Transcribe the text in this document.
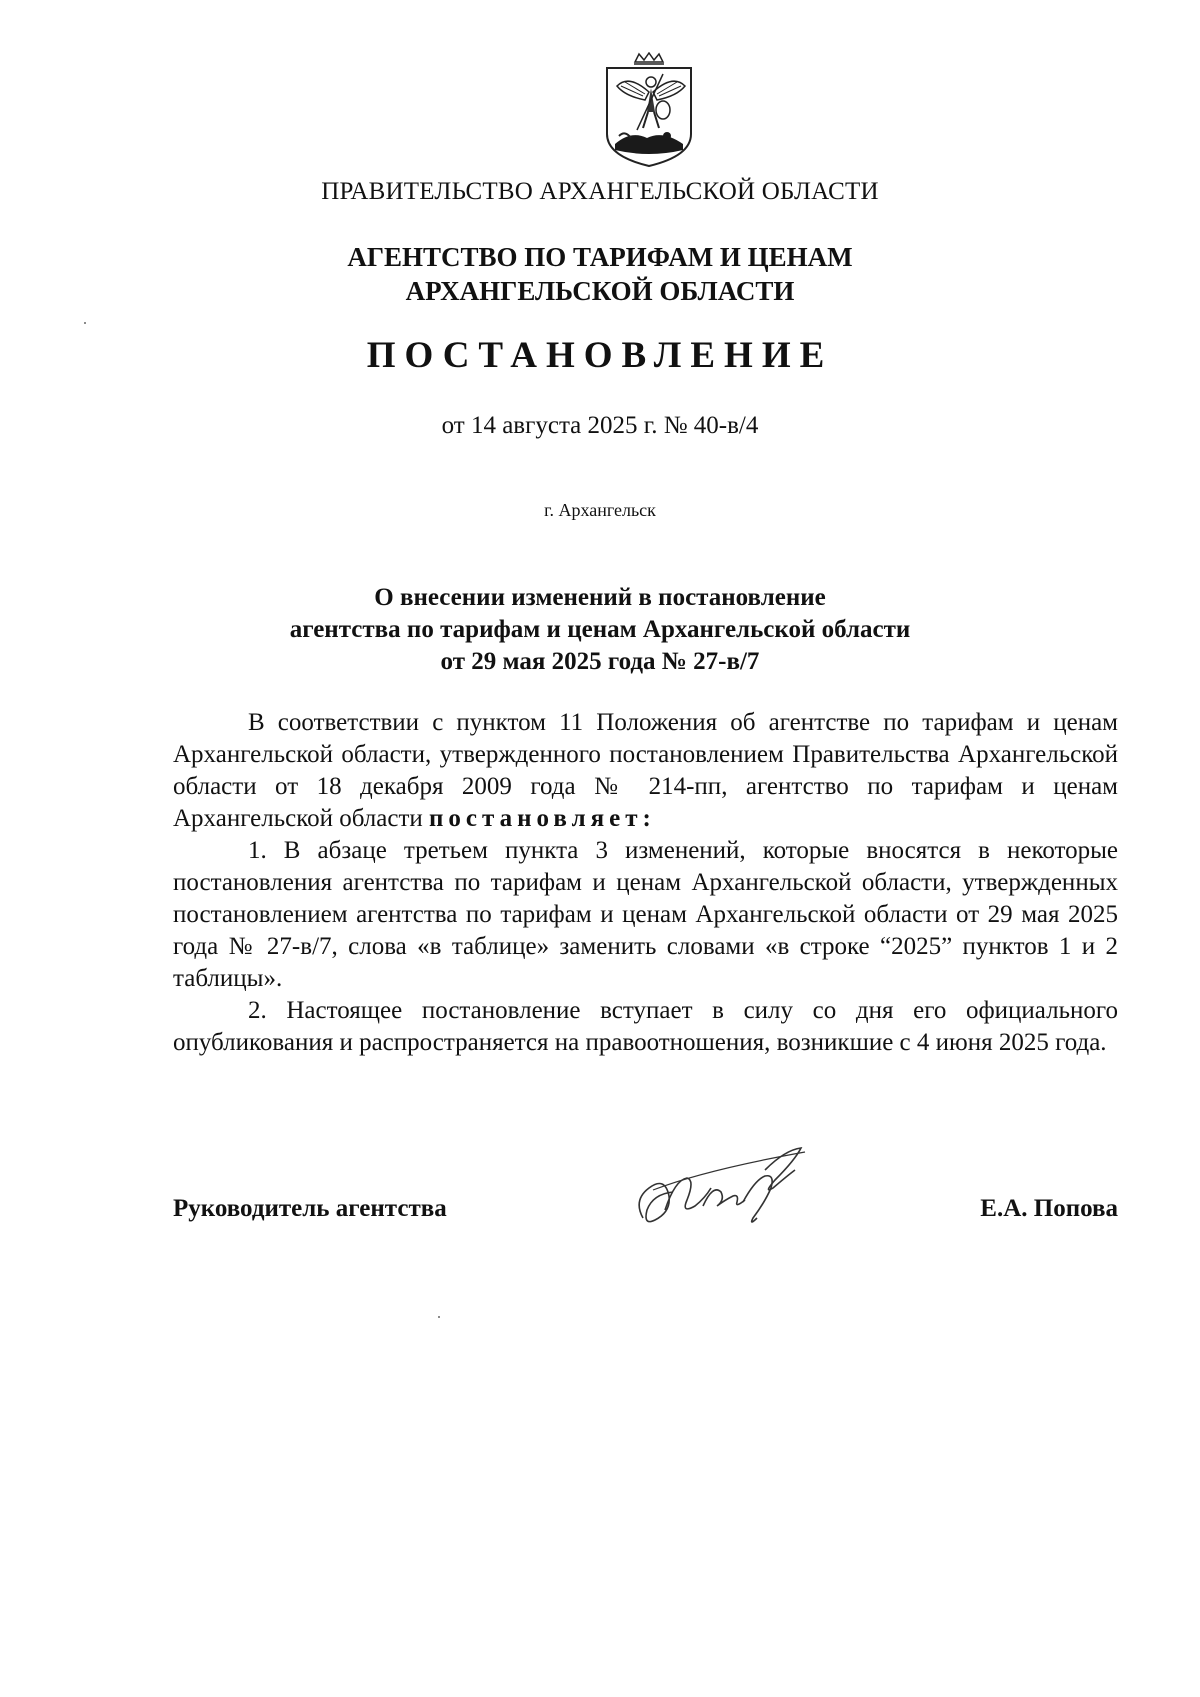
ПРАВИТЕЛЬСТВО АРХАНГЕЛЬСКОЙ ОБЛАСТИ
АГЕНТСТВО ПО ТАРИФАМ И ЦЕНАМ
АРХАНГЕЛЬСКОЙ ОБЛАСТИ
ПОСТАНОВЛЕНИЕ
от 14 августа 2025 г. № 40-в/4
г. Архангельск
О внесении изменений в постановление
агентства по тарифам и ценам Архангельской области
от 29 мая 2025 года № 27-в/7

В соответствии с пунктом 11 Положения об агентстве по тарифам и ценам Архангельской области, утвержденного постановлением Правительства Архангельской области от 18 декабря 2009 года № 214-пп, агентство по тарифам и ценам Архангельской области постановляет:

1. В абзаце третьем пункта 3 изменений, которые вносятся в некоторые постановления агентства по тарифам и ценам Архангельской области, утвержденных постановлением агентства по тарифам и ценам Архангельской области от 29 мая 2025 года № 27-в/7, слова «в таблице» заменить словами «в строке “2025” пунктов 1 и 2 таблицы».

2. Настоящее постановление вступает в силу со дня его официального опубликования и распространяется на правоотношения, возникшие с 4 июня 2025 года.

Руководитель агентства	Е.А. Попова
